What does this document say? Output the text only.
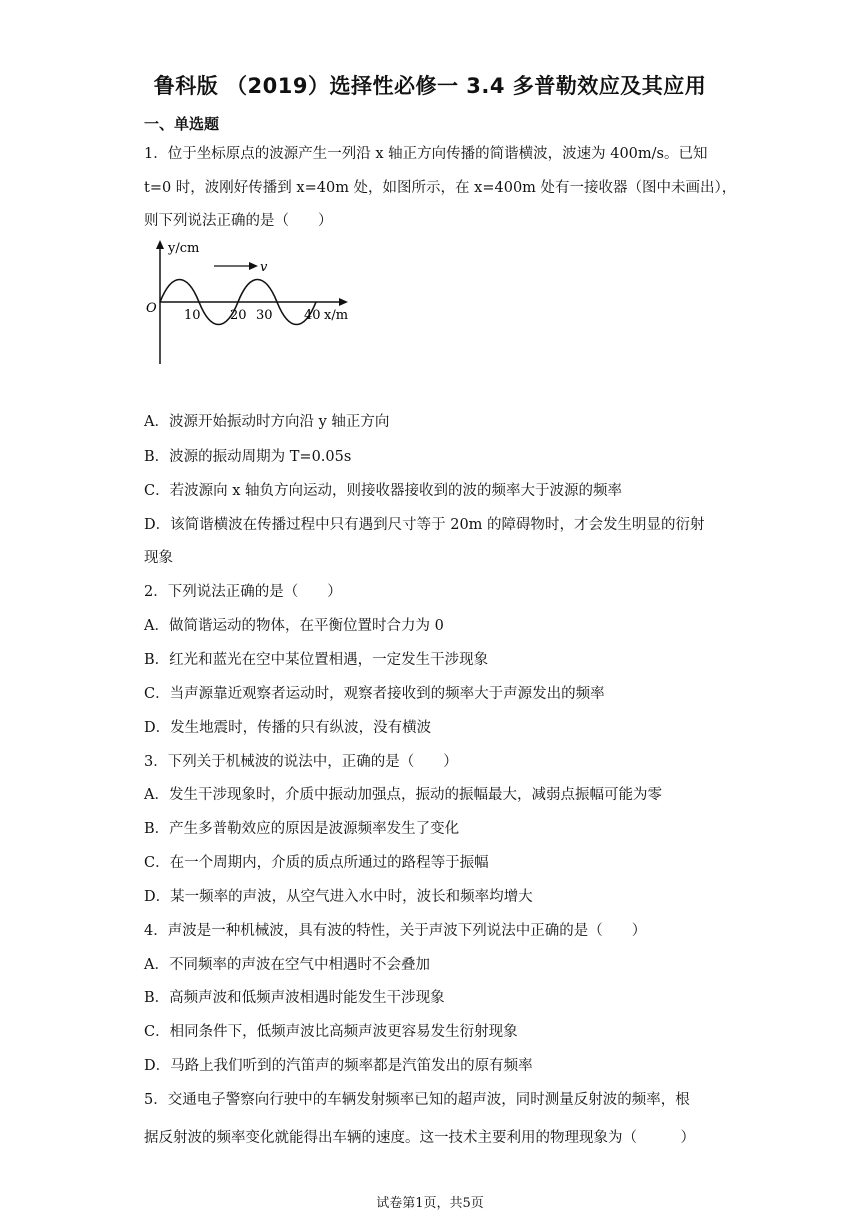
鲁科版 （2019）选择性必修一 3.4 多普勒效应及其应用
一、单选题
1．位于坐标原点的波源产生一列沿 x 轴正方向传播的简谐横波，波速为 400m/s。已知
t=0 时，波刚好传播到 x=40m 处，如图所示，在 x=400m 处有一接收器（图中未画出），
则下列说法正确的是（　　）
v
y/cm
O 10 20 30 40 x/m
A．波源开始振动时方向沿 y 轴正方向
B．波源的振动周期为 T=0.05s
C．若波源向 x 轴负方向运动，则接收器接收到的波的频率大于波源的频率
D．该简谐横波在传播过程中只有遇到尺寸等于 20m 的障碍物时，才会发生明显的衍射
现象
2．下列说法正确的是（　　）
A．做简谐运动的物体，在平衡位置时合力为 0
B．红光和蓝光在空中某位置相遇，一定发生干涉现象
C．当声源靠近观察者运动时，观察者接收到的频率大于声源发出的频率
D．发生地震时，传播的只有纵波，没有横波
3．下列关于机械波的说法中，正确的是（　　）
A．发生干涉现象时，介质中振动加强点，振动的振幅最大，减弱点振幅可能为零
B．产生多普勒效应的原因是波源频率发生了变化
C．在一个周期内，介质的质点所通过的路程等于振幅
D．某一频率的声波，从空气进入水中时，波长和频率均增大
4．声波是一种机械波，具有波的特性，关于声波下列说法中正确的是（　　）
A．不同频率的声波在空气中相遇时不会叠加
B．高频声波和低频声波相遇时能发生干涉现象
C．相同条件下，低频声波比高频声波更容易发生衍射现象
D．马路上我们听到的汽笛声的频率都是汽笛发出的原有频率
5．交通电子警察向行驶中的车辆发射频率已知的超声波，同时测量反射波的频率，根
据反射波的频率变化就能得出车辆的速度。这一技术主要利用的物理现象为（　　　）
试卷第1页，共5页
